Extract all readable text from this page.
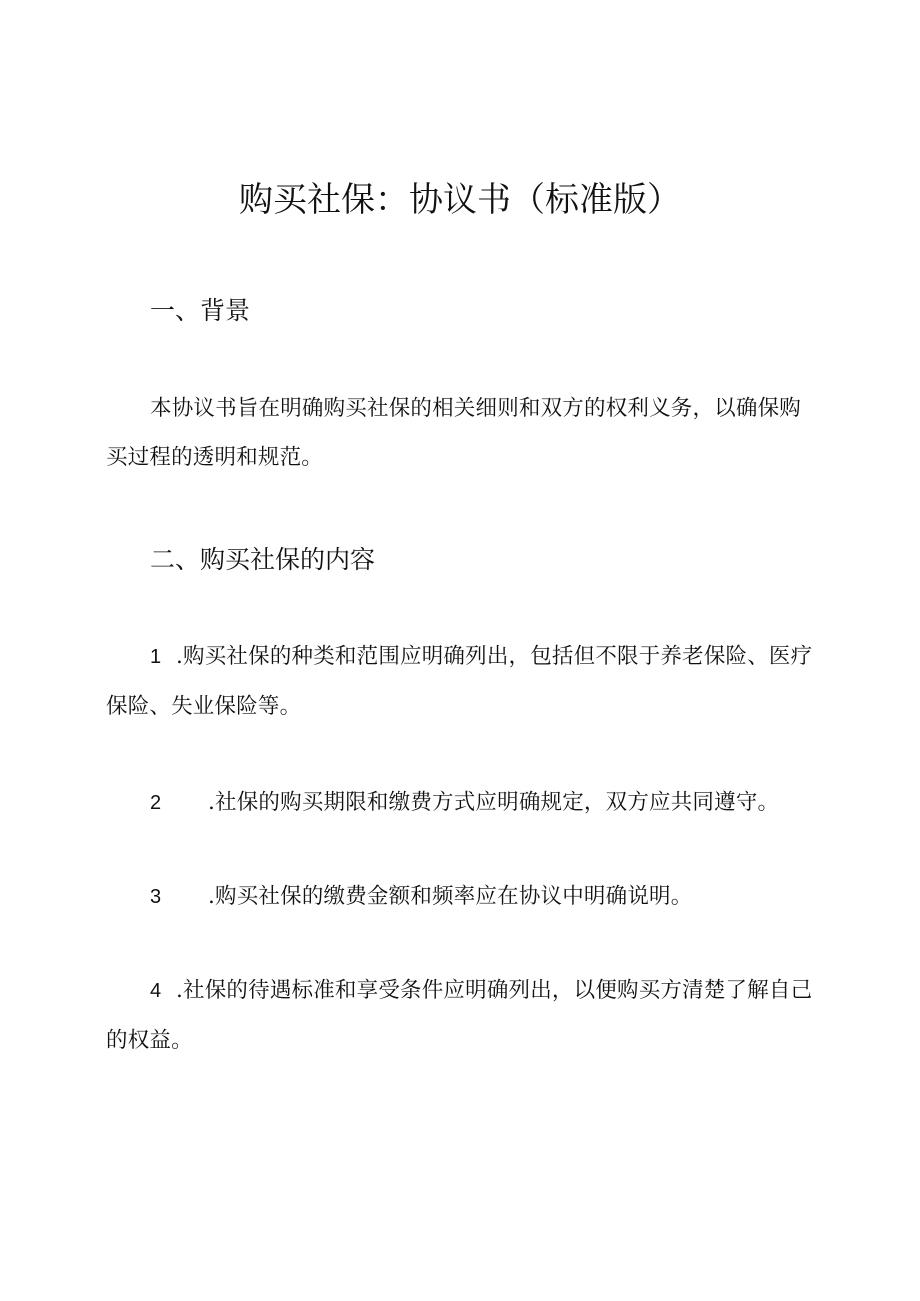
购买社保：协议书（标准版）
一、背景
本协议书旨在明确购买社保的相关细则和双方的权利义务，以确保购买过程的透明和规范。
二、购买社保的内容
1 .购买社保的种类和范围应明确列出，包括但不限于养老保险、医疗保险、失业保险等。
2 .社保的购买期限和缴费方式应明确规定，双方应共同遵守。
3 .购买社保的缴费金额和频率应在协议中明确说明。
4 .社保的待遇标准和享受条件应明确列出，以便购买方清楚了解自己的权益。
